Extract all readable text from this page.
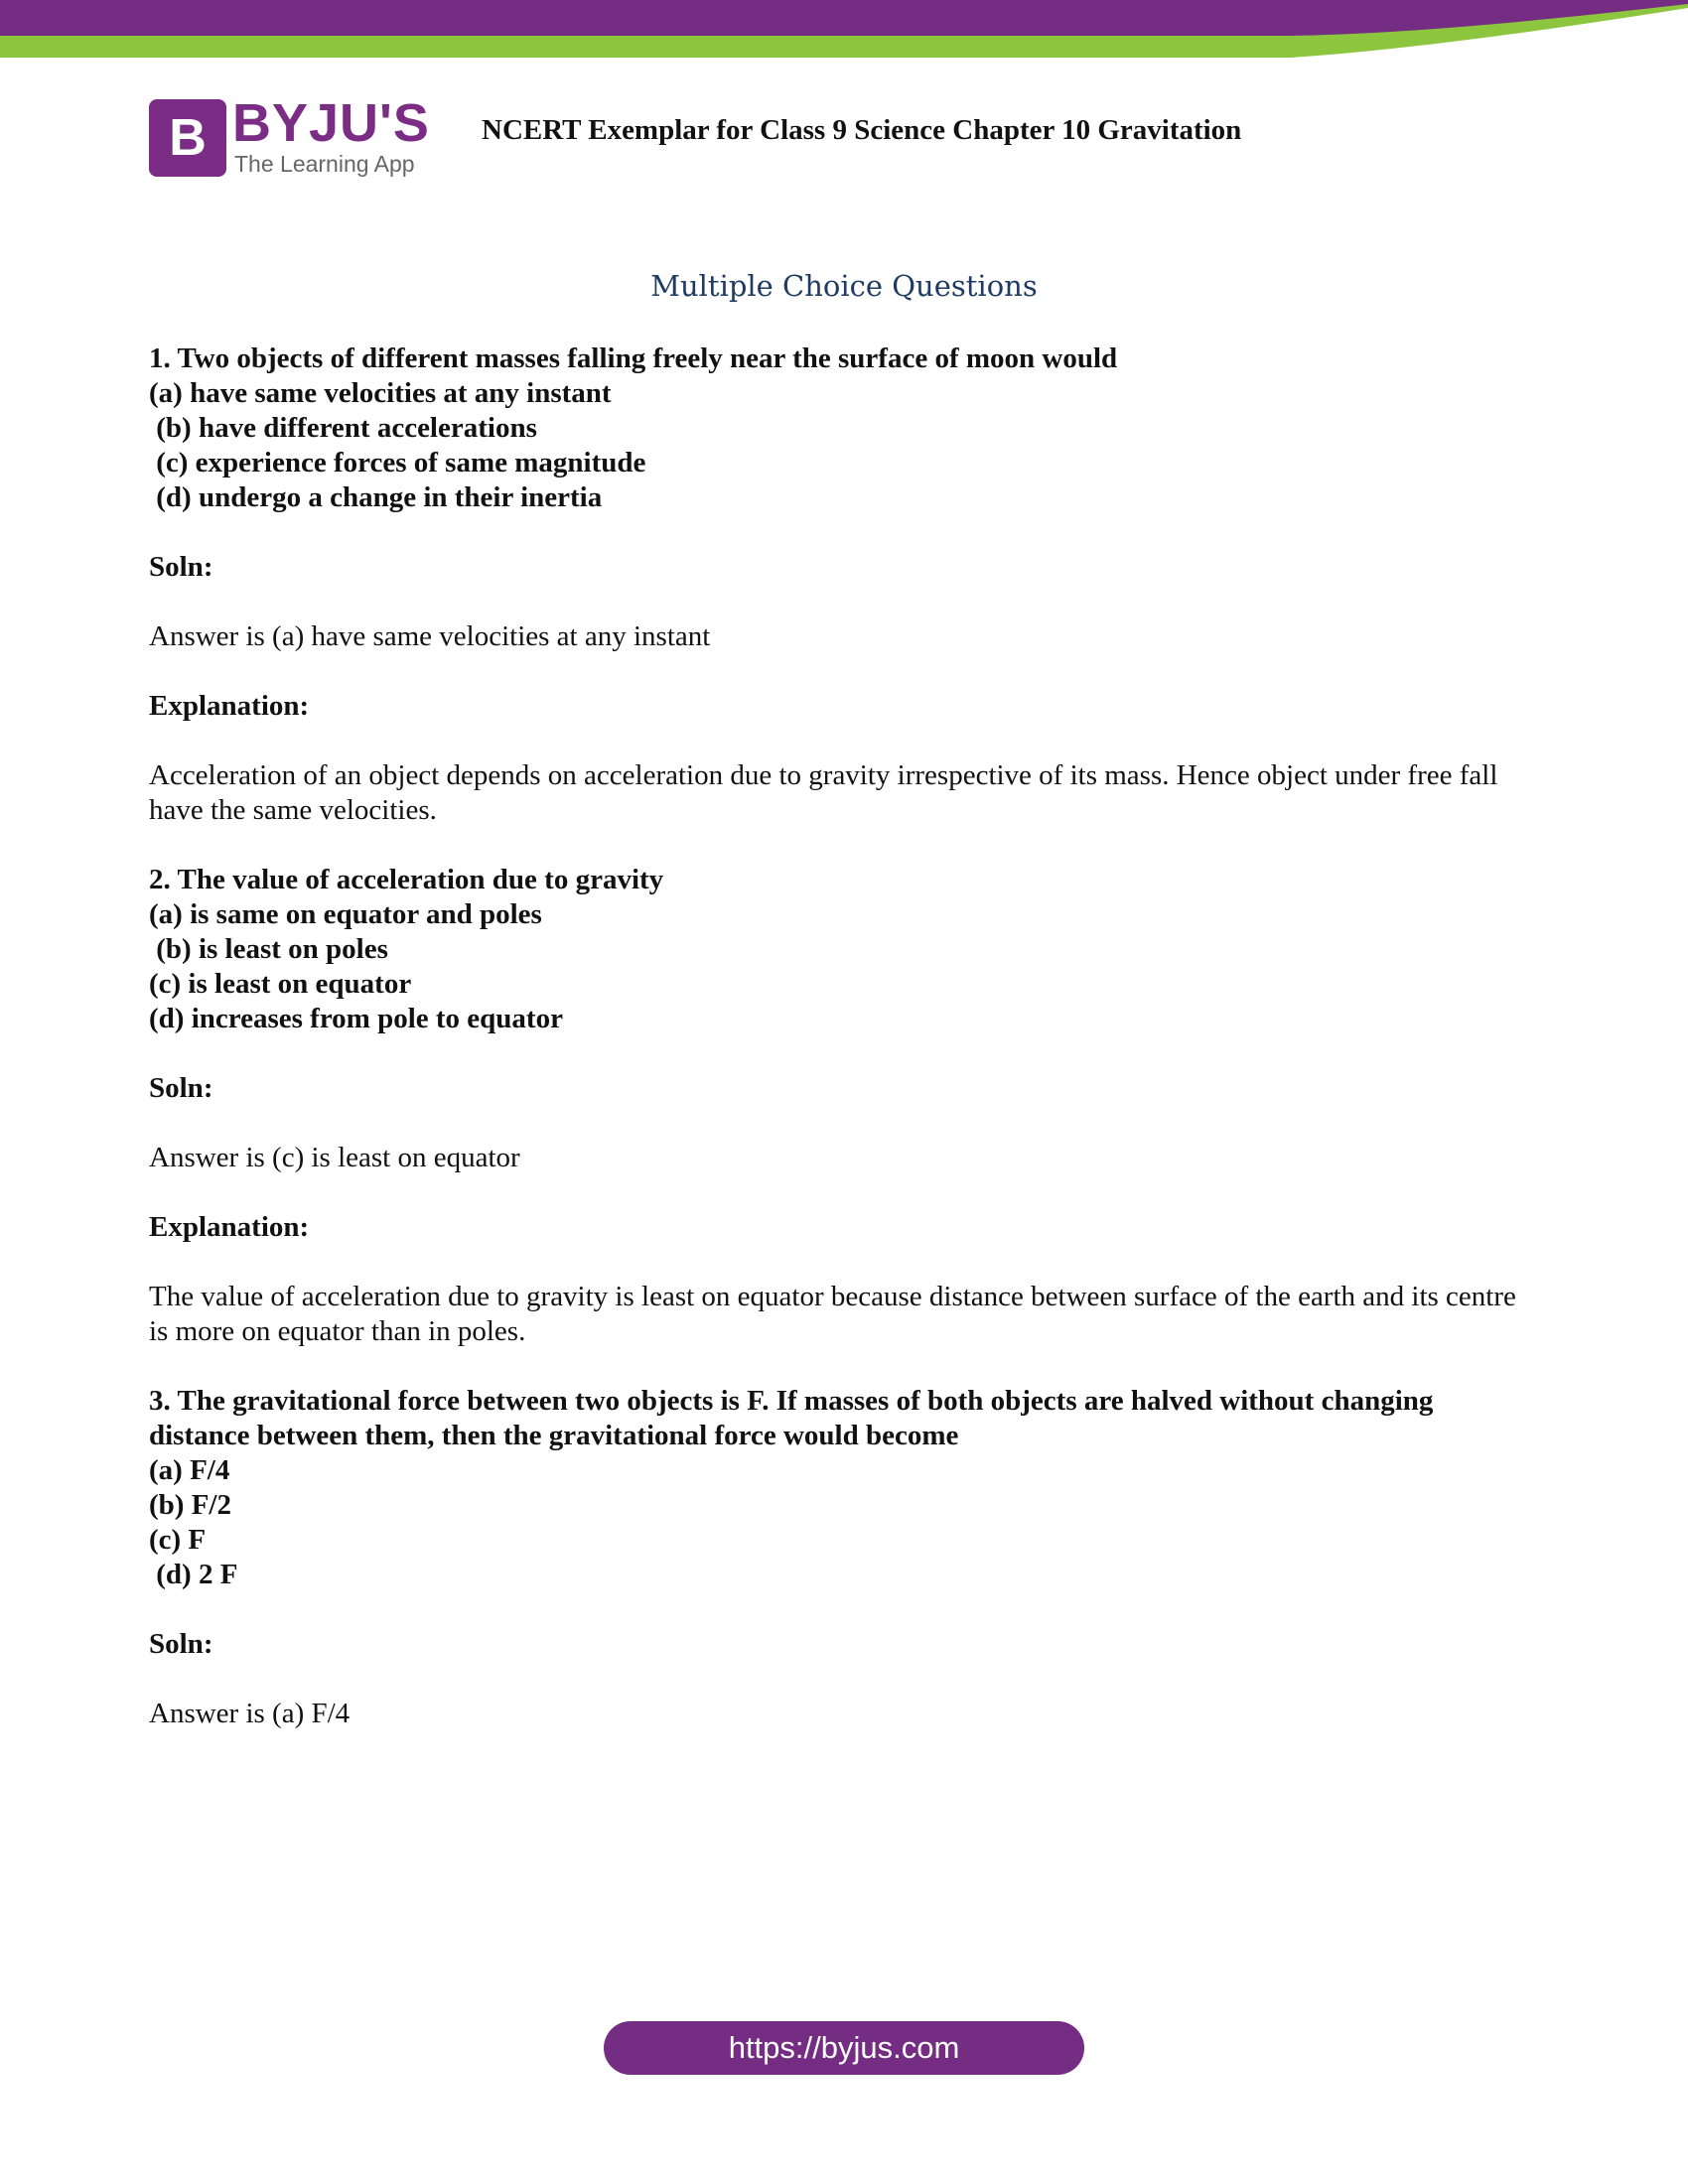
B BYJU'S
The Learning App
NCERT Exemplar for Class 9 Science Chapter 10 Gravitation
Multiple Choice Questions

1. Two objects of different masses falling freely near the surface of moon would

(a) have same velocities at any instant

(b) have different accelerations

(c) experience forces of same magnitude

(d) undergo a change in their inertia

Soln:

Answer is (a) have same velocities at any instant

Explanation:

Acceleration of an object depends on acceleration due to gravity irrespective of its mass. Hence object under free fall have the same velocities.

2. The value of acceleration due to gravity

(a) is same on equator and poles

(b) is least on poles

(c) is least on equator

(d) increases from pole to equator

Soln:

Answer is (c) is least on equator

Explanation:

The value of acceleration due to gravity is least on equator because distance between surface of the earth and its centre is more on equator than in poles.

3. The gravitational force between two objects is F. If masses of both objects are halved without changing distance between them, then the gravitational force would become

(a) F/4

(b) F/2

(c) F

(d) 2 F

Soln:

Answer is (a) F/4

https://byjus.com
